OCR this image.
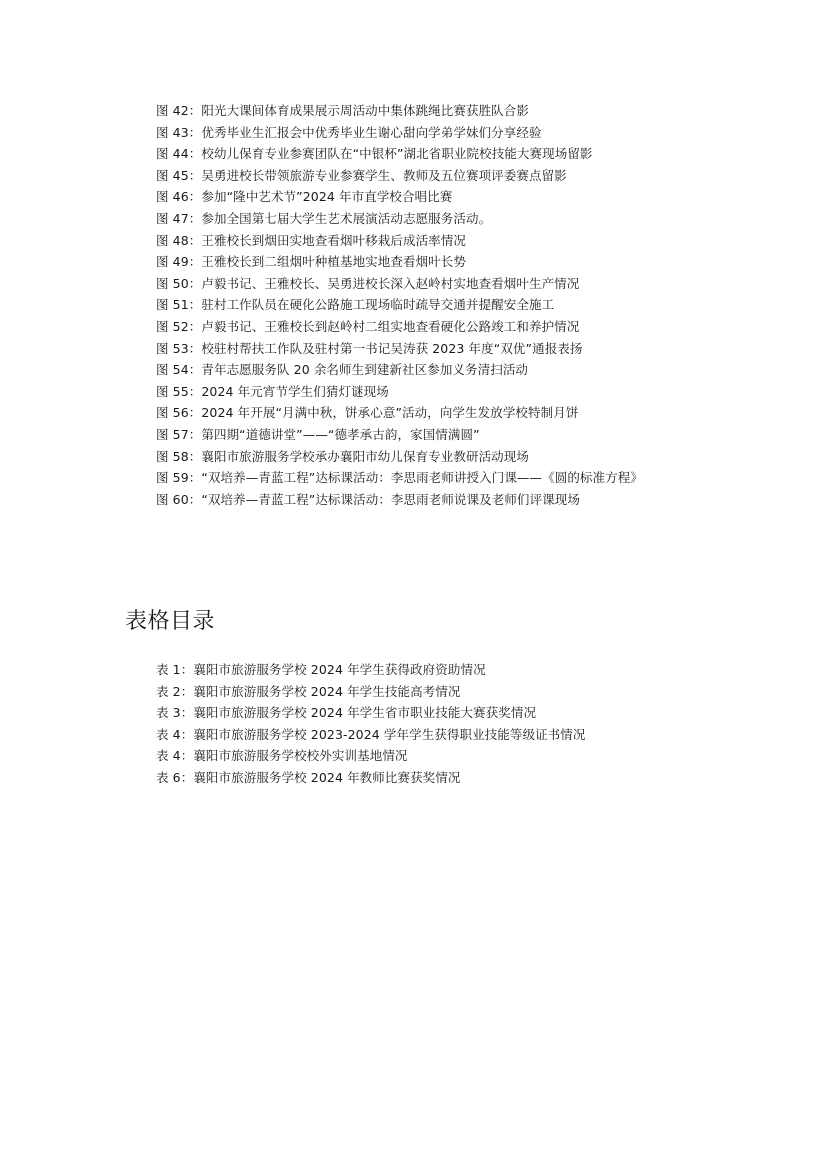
图 42：阳光大课间体育成果展示周活动中集体跳绳比赛获胜队合影
图 43：优秀毕业生汇报会中优秀毕业生谢心甜向学弟学妹们分享经验
图 44：校幼儿保育专业参赛团队在“中银杯”湖北省职业院校技能大赛现场留影
图 45：吴勇进校长带领旅游专业参赛学生、教师及五位赛项评委赛点留影
图 46：参加“隆中艺术节”2024 年市直学校合唱比赛
图 47：参加全国第七届大学生艺术展演活动志愿服务活动。
图 48：王雅校长到烟田实地查看烟叶移栽后成活率情况
图 49：王雅校长到二组烟叶种植基地实地查看烟叶长势
图 50：卢毅书记、王雅校长、吴勇进校长深入赵岭村实地查看烟叶生产情况
图 51：驻村工作队员在硬化公路施工现场临时疏导交通并提醒安全施工
图 52：卢毅书记、王雅校长到赵岭村二组实地查看硬化公路竣工和养护情况
图 53：校驻村帮扶工作队及驻村第一书记吴涛获 2023 年度“双优”通报表扬
图 54：青年志愿服务队 20 余名师生到建新社区参加义务清扫活动
图 55：2024 年元宵节学生们猜灯谜现场
图 56：2024 年开展“月满中秋，饼承心意”活动，向学生发放学校特制月饼
图 57：第四期“道德讲堂”——“德孝承古韵，家国情满圆”
图 58：襄阳市旅游服务学校承办襄阳市幼儿保育专业教研活动现场
图 59：“双培养—青蓝工程”达标课活动：李思雨老师讲授入门课——《圆的标准方程》
图 60：“双培养—青蓝工程”达标课活动：李思雨老师说课及老师们评课现场
表格目录
表 1：襄阳市旅游服务学校 2024 年学生获得政府资助情况
表 2：襄阳市旅游服务学校 2024 年学生技能高考情况
表 3：襄阳市旅游服务学校 2024 年学生省市职业技能大赛获奖情况
表 4：襄阳市旅游服务学校 2023-2024 学年学生获得职业技能等级证书情况
表 4：襄阳市旅游服务学校校外实训基地情况
表 6：襄阳市旅游服务学校 2024 年教师比赛获奖情况
